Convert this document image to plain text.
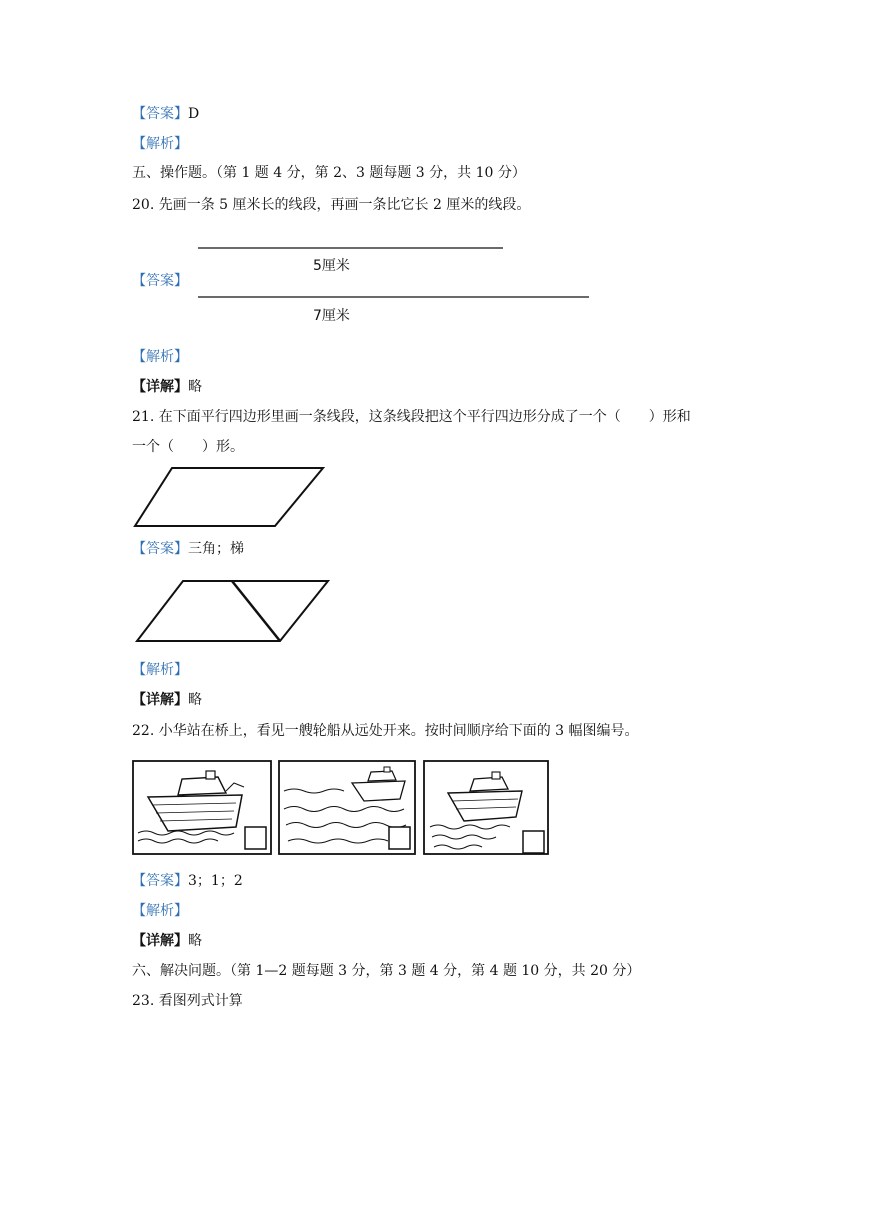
【答案】D
【解析】
五、操作题。（第 1 题 4 分，第 2、3 题每题 3 分，共 10 分）
20. 先画一条 5 厘米长的线段，再画一条比它长 2 厘米的线段。
【答案】
5厘米
7厘米
【解析】
【详解】略
21. 在下面平行四边形里画一条线段，这条线段把这个平行四边形分成了一个（　　）形和
一个（　　）形。
【答案】三角；梯
【解析】
【详解】略
22. 小华站在桥上，看见一艘轮船从远处开来。按时间顺序给下面的 3 幅图编号。
【答案】3；1；2
【解析】
【详解】略
六、解决问题。（第 1—2 题每题 3 分，第 3 题 4 分，第 4 题 10 分，共 20 分）
23. 看图列式计算
